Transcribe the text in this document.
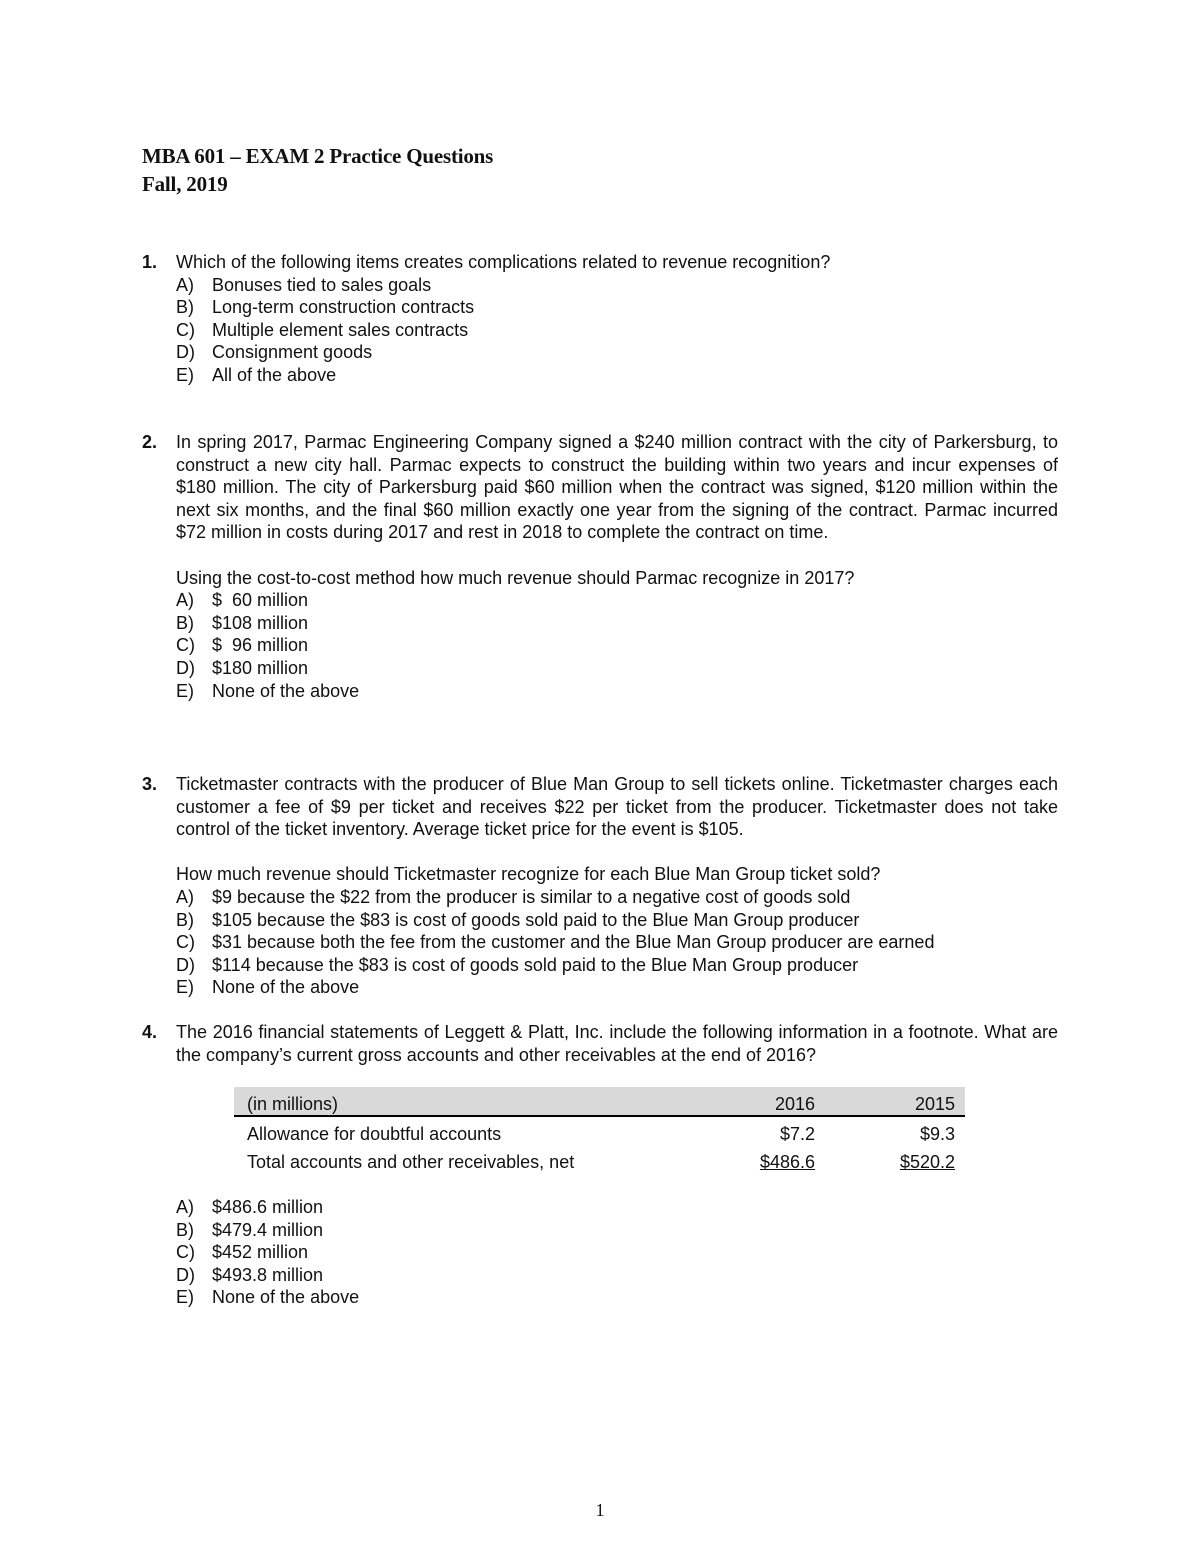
MBA 601 – EXAM 2 Practice Questions
Fall, 2019
1. Which of the following items creates complications related to revenue recognition?

A)	Bonuses tied to sales goals
B)	Long-term construction contracts
C) Multiple element sales contracts
D) Consignment goods
E)	All of the above
2. In spring 2017, Parmac Engineering Company signed a $240 million contract with the city of Parkersburg, to construct a new city hall. Parmac expects to construct the building within two years and incur expenses of $180 million. The city of Parkersburg paid $60 million when the contract was signed, $120 million within the next six months, and the final $60 million exactly one year from the signing of the contract. Parmac incurred $72 million in costs during 2017 and rest in 2018 to complete the contract on time.

Using the cost-to-cost method how much revenue should Parmac recognize in 2017?

A)	$  60 million
B)	$108 million
C) $  96 million
D) $180 million
E)	None of the above
3. Ticketmaster contracts with the producer of Blue Man Group to sell tickets online. Ticketmaster charges each customer a fee of $9 per ticket and receives $22 per ticket from the producer. Ticketmaster does not take control of the ticket inventory. Average ticket price for the event is $105.

How much revenue should Ticketmaster recognize for each Blue Man Group ticket sold?

A)	$9 because the $22 from the producer is similar to a negative cost of goods sold
B)	$105 because the $83 is cost of goods sold paid to the Blue Man Group producer
C) $31 because both the fee from the customer and the Blue Man Group producer are earned
D) $114 because the $83 is cost of goods sold paid to the Blue Man Group producer
E)	None of the above
4. The 2016 financial statements of Leggett & Platt, Inc. include the following information in a footnote. What are the company’s current gross accounts and other receivables at the end of 2016?

(in millions)	2016	2015
Allowance for doubtful accounts	$7.2	$9.3
Total accounts and other receivables, net	$486.6	$520.2
A)	$486.6 million
B)	$479.4 million
C) $452 million
D) $493.8 million
E)	None of the above
1
